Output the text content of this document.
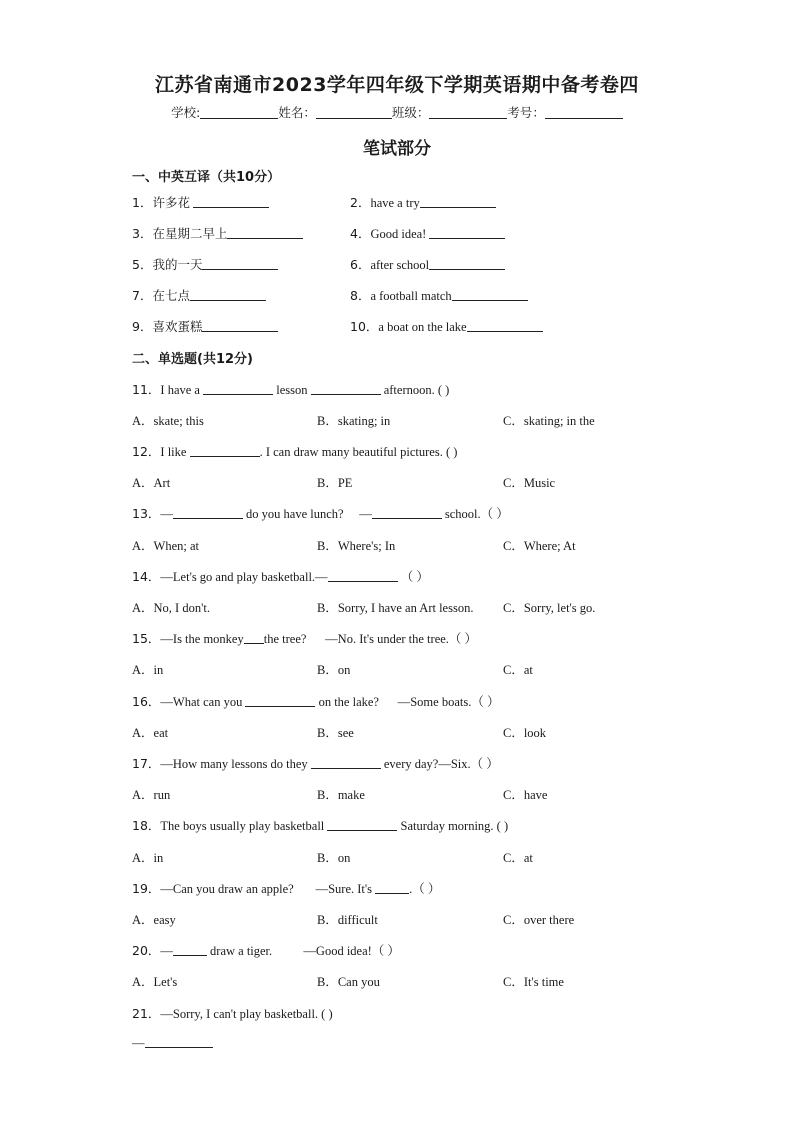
江苏省南通市2023学年四年级下学期英语期中备考卷四
学校:	姓名：	班级：	考号：
笔试部分
一、中英互译（共10分）
1．许多花	2．have a try
3．在星期二早上	4．Good idea!
5．我的一天	6．after school
7．在七点	8．a football match
9．喜欢蛋糕	10．a boat on the lake
二、单选题(共12分)
11．I have a	lesson	afternoon. ( )
A．skate; this	B．skating; in	C．skating; in the
12．I like	. I can draw many beautiful pictures. ( )
A．Art	B．PE	C．Music
13．—	do you have lunch? —	school.（ ）
A．When; at	B．Where's; In	C．Where; At
14．—Let's go and play basketball.—	（ ）
A．No, I don't.	B．Sorry, I have an Art lesson. C．Sorry, let's go.
15．—Is the monkey the tree? —No. It's under the tree.（ ）
A．in	B．on	C．at
16．—What can you	on the lake? —Some boats.（ ）
A．eat	B．see	C．look
17．—How many lessons do they	every day?—Six.（ ）
A．run	B．make	C．have
18．The boys usually play basketball	Saturday morning. ( )
A．in	B．on	C．at
19．—Can you draw an apple? —Sure. It's	.（ ）
A．easy	B．difficult	C．over there
20．—	draw a tiger.	—Good idea!（ ）
A．Let's	B．Can you	C．It's time
21．—Sorry, I can't play basketball. ( )
—
